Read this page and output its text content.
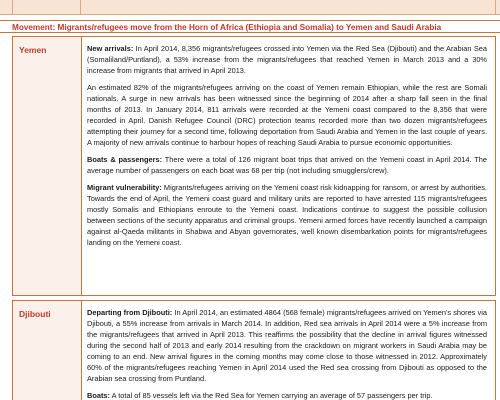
Movement: Migrants/refugees move from the Horn of Africa (Ethiopia and Somalia) to Yemen and Saudi Arabia
Yemen	New arrivals: In April 2014, 8,356 migrants/refugees crossed into Yemen via the Red Sea (Djibouti) and the Arabian Sea (Somaliland/Puntland), a 53% increase from the migrants/refugees that reached Yemen in March 2013 and a 30% increase from migrants that arrived in April 2013.

An estimated 82% of the migrants/refugees arriving on the coast of Yemen remain Ethiopian, while the rest are Somali nationals. A surge in new arrivals has been witnessed since the beginning of 2014 after a sharp fall seen in the final months of 2013. In January 2014, 811 arrivals were recorded at the Yemeni coast compared to the 8,356 that were recorded in April. Danish Refugee Council (DRC) protection teams recorded more than two dozen migrants/refugees attempting their journey for a second time, following deportation from Saudi Arabia and Yemen in the last couple of years. A majority of new arrivals continue to harbour hopes of reaching Saudi Arabia to pursue economic opportunities.

Boats & passengers: There were a total of 126 migrant boat trips that arrived on the Yemeni coast in April 2014. The average number of passengers on each boat was 68 per trip (not including smugglers/crew).

Migrant vulnerability: Migrants/refugees arriving on the Yemeni coast risk kidnapping for ransom, or arrest by authorities. Towards the end of April, the Yemeni coast guard and military units are reported to have arrested 115 migrants/refugees mostly Somalis and Ethiopians enroute to the Yemeni coast. Indications continue to suggest the possible collusion between sections of the security apparatus and criminal groups. Yemeni armed forces have recently launched a campaign against al-Qaeda militants in Shabwa and Abyan governorates, well known disembarkation points for migrants/refugees landing on the Yemeni coast.

Djibouti	Departing from Djibouti: In April 2014, an estimated 4864 (568 female) migrants/refugees arrived on Yemen's shores via Djibouti, a 55% increase from arrivals in March 2014. In addition, Red sea arrivals in April 2014 were a 5% increase from the migrants/refugees that arrived in April 2013. This reaffirms the possibility that the decline in arrival figures witnessed during the second half of 2013 and early 2014 resulting from the crackdown on migrant workers in Saudi Arabia may be coming to an end. New arrival figures in the coming months may come close to those witnessed in 2012. Approximately 60% of the migrants/refugees reaching Yemen in April 2014 used the Red sea crossing from Djibouti as opposed to the Arabian sea crossing from Puntland.

Boats: A total of 85 vessels left via the Red Sea for Yemen carrying an average of 57 passengers per trip.
